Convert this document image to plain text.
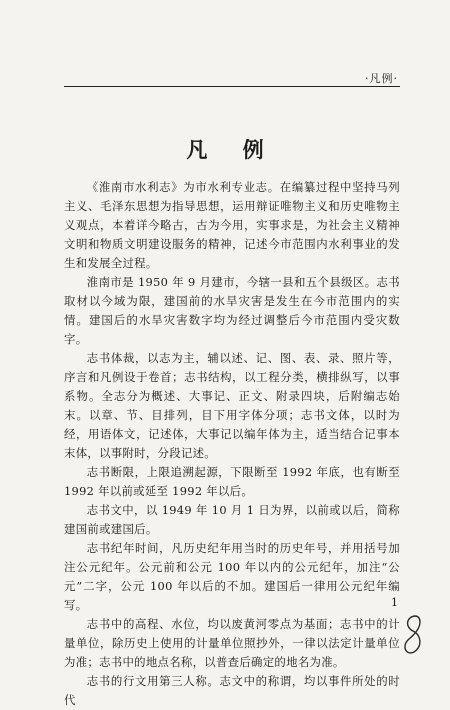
·凡例·
凡 例

《淮南市水利志》为市水利专业志。在编纂过程中坚持马列主义、毛泽东思想为指导思想，运用辩证唯物主义和历史唯物主义观点，本着详今略古，古为今用，实事求是，为社会主义精神文明和物质文明建设服务的精神，记述今市范围内水利事业的发生和发展全过程。

淮南市是 1950 年 9 月建市，今辖一县和五个县级区。志书取材以今域为限，建国前的水旱灾害是发生在今市范围内的实情。建国后的水旱灾害数字均为经过调整后今市范围内受灾数字。

志书体裁，以志为主，辅以述、记、图、表、录、照片等，序言和凡例设于卷首；志书结构，以工程分类，横排纵写，以事系物。全志分为概述、大事记、正文、附录四块，后附编志始末。以章、节、目排列，目下用字体分项；志书文体，以时为经，用语体文，记述体，大事记以编年体为主，适当结合记事本末体，以事附时，分段记述。

志书断限，上限追溯起源，下限断至 1992 年底，也有断至 1992 年以前或延至 1992 年以后。

志书文中，以 1949 年 10 月 1 日为界，以前或以后，简称建国前或建国后。

志书纪年时间，凡历史纪年用当时的历史年号，并用括号加注公元纪年。公元前和公元 100 年以内的公元纪年，加注“公元”二字，公元 100 年以后的不加。建国后一律用公元纪年编写。

志书中的高程、水位，均以废黄河零点为基面；志书中的计量单位，除历史上使用的计量单位照抄外，一律以法定计量单位为准；志书中的地点名称，以普查后确定的地名为准。

志书的行文用第三人称。志文中的称谓，均以事件所处的时代

1
